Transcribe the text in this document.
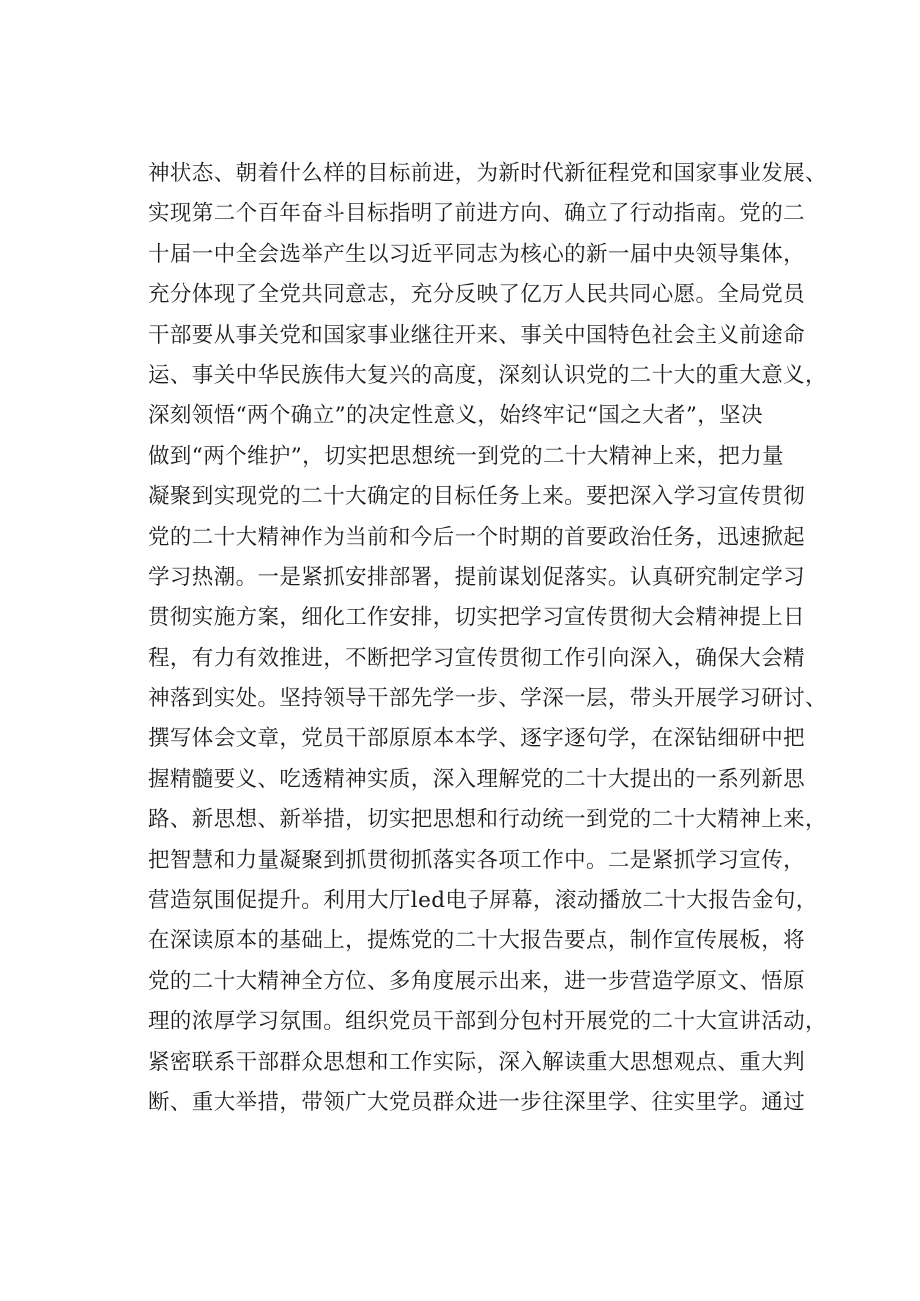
神状态、朝着什么样的目标前进，为新时代新征程党和国家事业发展、
实现第二个百年奋斗目标指明了前进方向、确立了行动指南。党的二
十届一中全会选举产生以习近平同志为核心的新一届中央领导集体，
充分体现了全党共同意志，充分反映了亿万人民共同心愿。全局党员
干部要从事关党和国家事业继往开来、事关中国特色社会主义前途命
运、事关中华民族伟大复兴的高度，深刻认识党的二十大的重大意义，
深刻领悟“两个确立”的决定性意义，始终牢记“国之大者”，坚决
做到“两个维护”，切实把思想统一到党的二十大精神上来，把力量
凝聚到实现党的二十大确定的目标任务上来。要把深入学习宣传贯彻
党的二十大精神作为当前和今后一个时期的首要政治任务，迅速掀起
学习热潮。一是紧抓安排部署，提前谋划促落实。认真研究制定学习
贯彻实施方案，细化工作安排，切实把学习宣传贯彻大会精神提上日
程，有力有效推进，不断把学习宣传贯彻工作引向深入，确保大会精
神落到实处。坚持领导干部先学一步、学深一层，带头开展学习研讨、
撰写体会文章，党员干部原原本本学、逐字逐句学，在深钻细研中把
握精髓要义、吃透精神实质，深入理解党的二十大提出的一系列新思
路、新思想、新举措，切实把思想和行动统一到党的二十大精神上来，
把智慧和力量凝聚到抓贯彻抓落实各项工作中。二是紧抓学习宣传，
营造氛围促提升。利用大厅led电子屏幕，滚动播放二十大报告金句，
在深读原本的基础上，提炼党的二十大报告要点，制作宣传展板，将
党的二十大精神全方位、多角度展示出来，进一步营造学原文、悟原
理的浓厚学习氛围。组织党员干部到分包村开展党的二十大宣讲活动，
紧密联系干部群众思想和工作实际，深入解读重大思想观点、重大判
断、重大举措，带领广大党员群众进一步往深里学、往实里学。通过
